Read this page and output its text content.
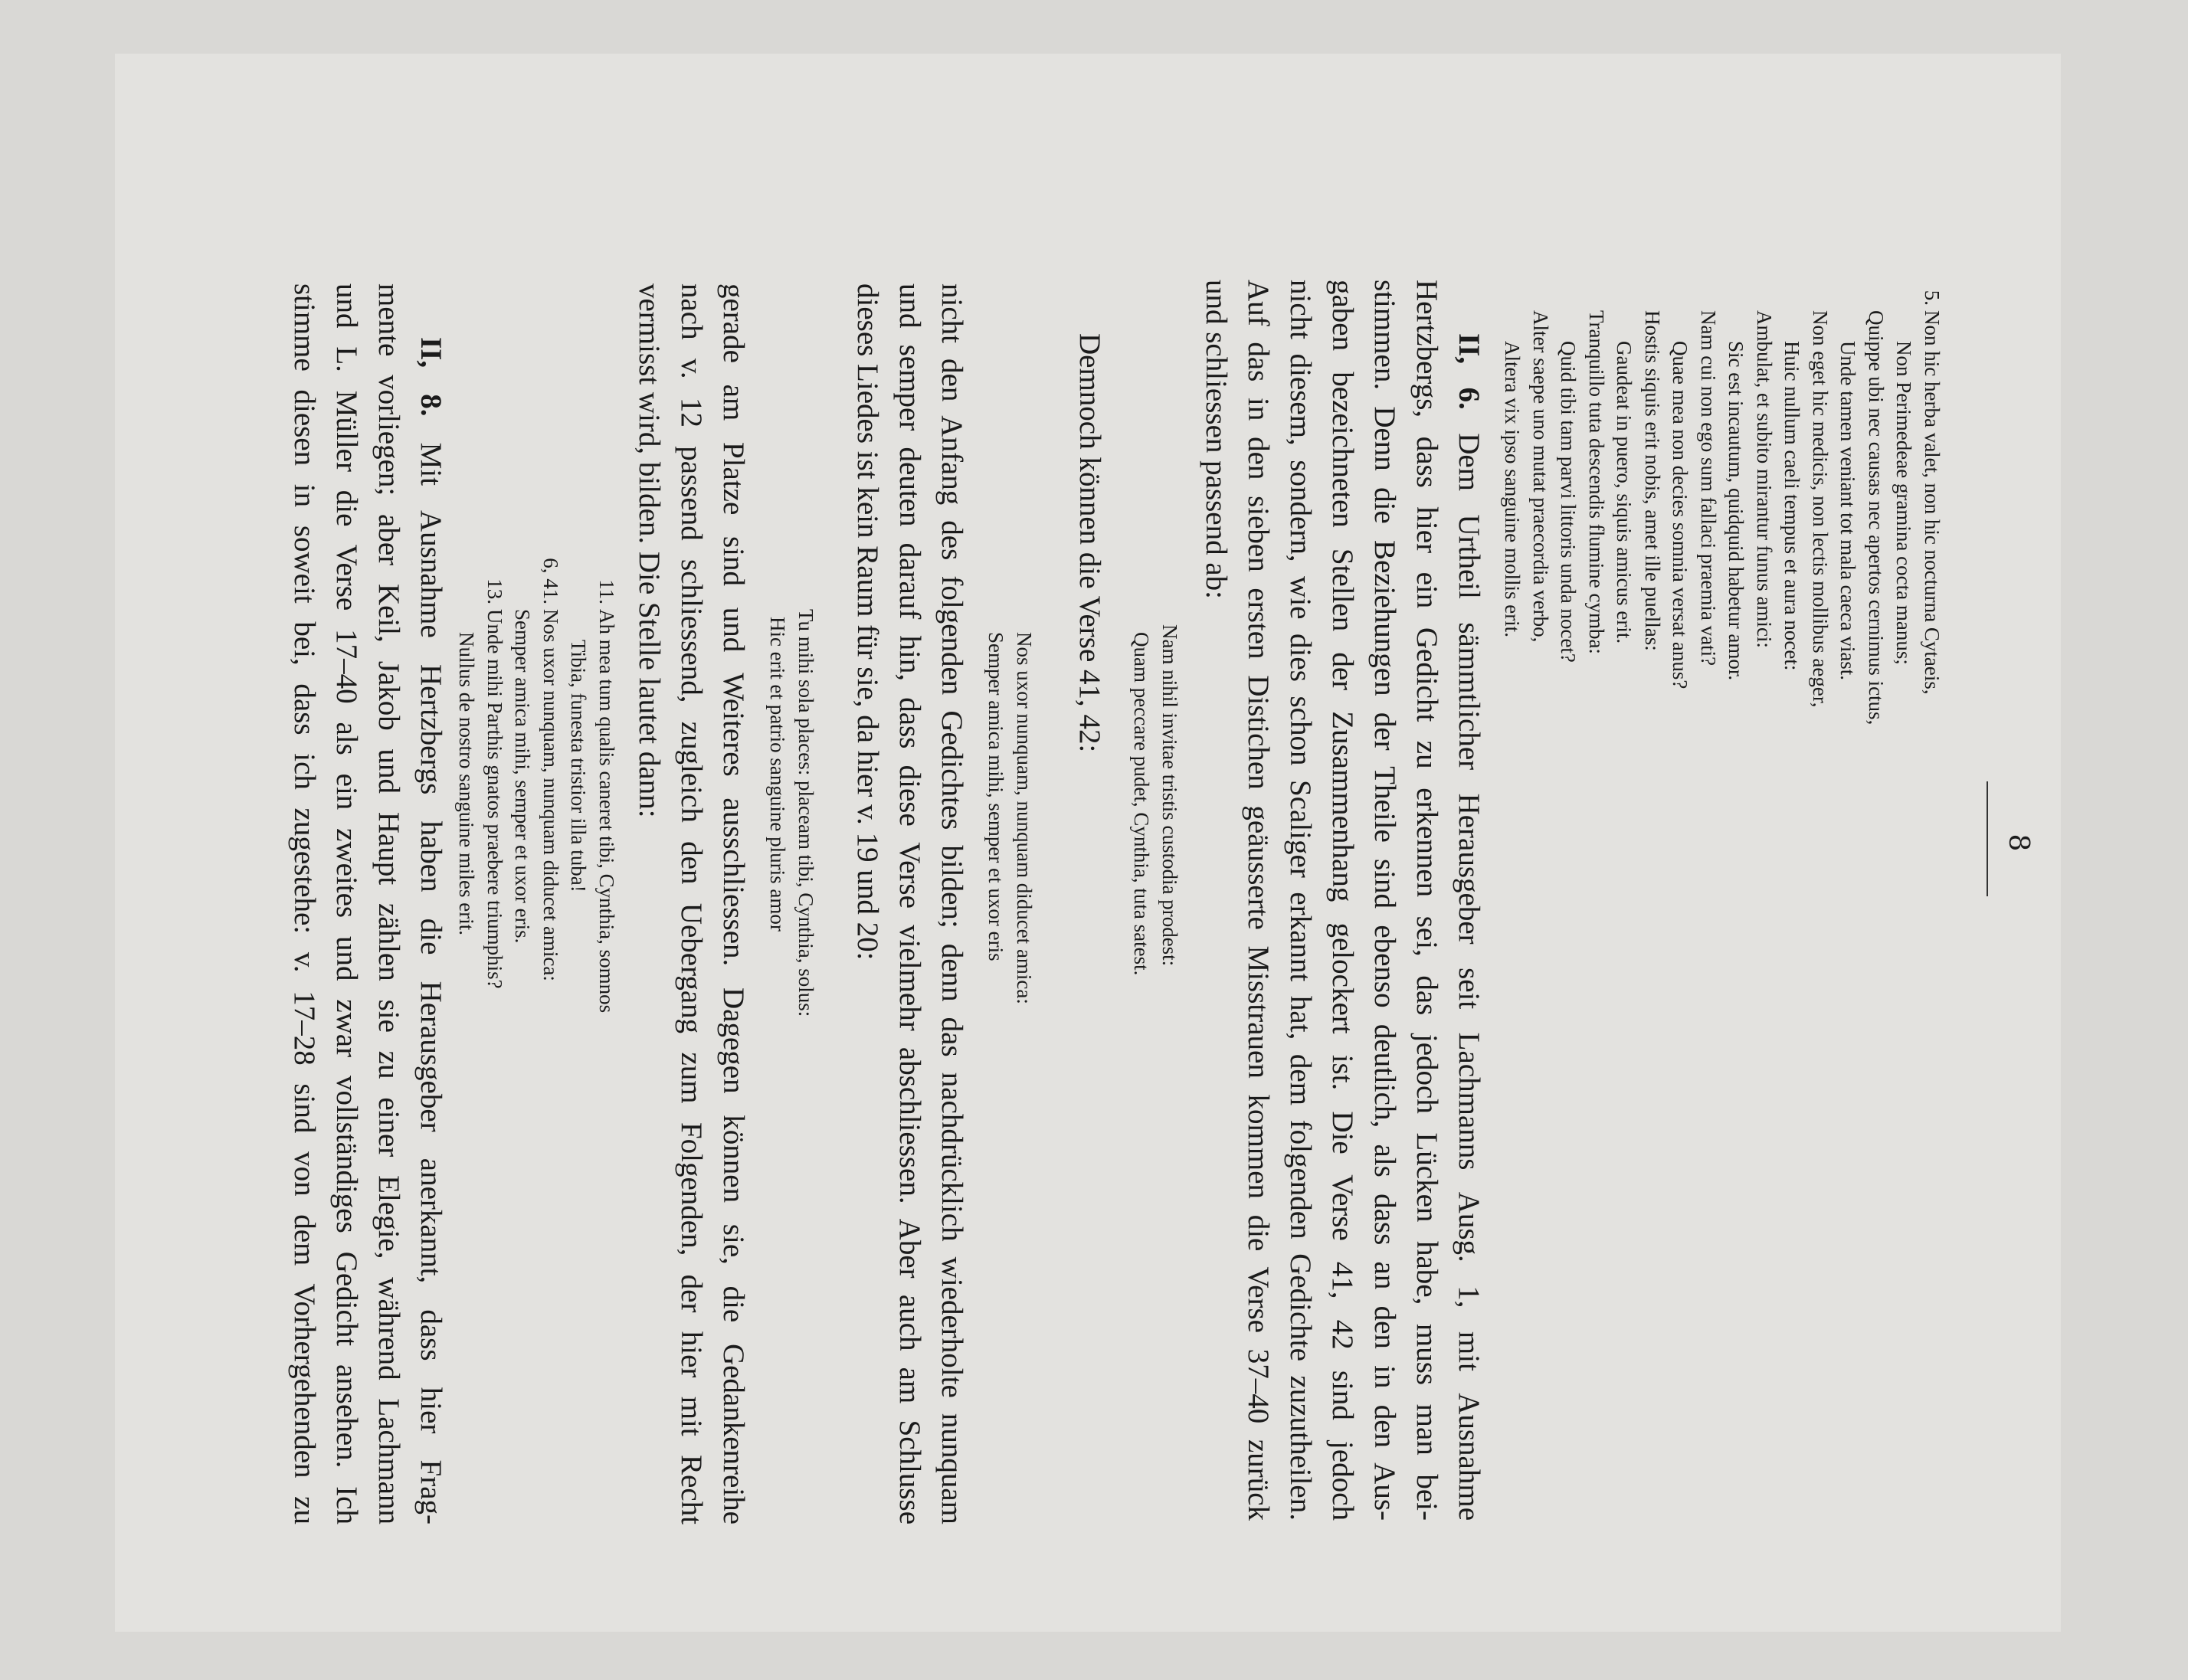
8
5.
Non hic herba valet, non hic nocturna Cytaeis,
Non Perimedeae gramina cocta manus;
Quippe ubi nec causas nec apertos cernimus ictus,
Unde tamen veniant tot mala caeca viast.
Non eget hic medicis, non lectis mollibus aeger,
Huic nullum caeli tempus et aura nocet:
Ambulat, et subito mirantur funus amici:
Sic est incautum, quidquid habetur amor.
Nam cui non ego sum fallaci praemia vati?
Quae mea non decies somnia versat anus?
Hostis siquis erit nobis, amet ille puellas:
Gaudeat in puero, siquis amicus erit.
Tranquillo tuta descendis flumine cymba:
Quid tibi tam parvi littoris unda nocet?
Alter saepe uno mutat praecordia verbo,
Altera vix ipso sanguine mollis erit.
II, 6. Dem Urtheil sämmtlicher Herausgeber seit Lachmanns Ausg. 1, mit Ausnahme
Hertzbergs, dass hier ein Gedicht zu erkennen sei, das jedoch Lücken habe, muss man bei-
stimmen. Denn die Beziehungen der Theile sind ebenso deutlich, als dass an den in den Aus-
gaben bezeichneten Stellen der Zusammenhang gelockert ist. Die Verse 41, 42 sind jedoch
nicht diesem, sondern, wie dies schon Scaliger erkannt hat, dem folgenden Gedichte zuzutheilen.
Auf das in den sieben ersten Distichen geäusserte Misstrauen kommen die Verse 37–40 zurück
und schliessen passend ab:
Nam nihil invitae tristis custodia prodest:
Quam peccare pudet, Cynthia, tuta satest.
Demnoch können die Verse 41, 42:
Nos uxor nunquam, nunquam diducet amica:
Semper amica mihi, semper et uxor eris
nicht den Anfang des folgenden Gedichtes bilden; denn das nachdrücklich wiederholte nunquam
und semper deuten darauf hin, dass diese Verse vielmehr abschliessen. Aber auch am Schlusse
dieses Liedes ist kein Raum für sie, da hier v. 19 und 20:
Tu mihi sola places: placeam tibi, Cynthia, solus:
Hic erit et patrio sanguine pluris amor
gerade am Platze sind und Weiteres ausschliessen. Dagegen können sie, die Gedankenreihe
nach v. 12 passend schliessend, zugleich den Uebergang zum Folgenden, der hier mit Recht
vermisst wird, bilden. Die Stelle lautet dann:
11.
Ah mea tum qualis caneret tibi, Cynthia, somnos
Tibia, funesta tristior illa tuba!
6, 41.
Nos uxor nunquam, nunquam diducet amica:
Semper amica mihi, semper et uxor eris.
13.
Unde mihi Parthis gnatos praebere triumphis?
Nullus de nostro sanguine miles erit.
II, 8. Mit Ausnahme Hertzbergs haben die Herausgeber anerkannt, dass hier Frag-
mente vorliegen; aber Keil, Jakob und Haupt zählen sie zu einer Elegie, während Lachmann
und L. Müller die Verse 17–40 als ein zweites und zwar vollständiges Gedicht ansehen. Ich
stimme diesen in soweit bei, dass ich zugestehe: v. 17–28 sind von dem Vorhergehenden zu
